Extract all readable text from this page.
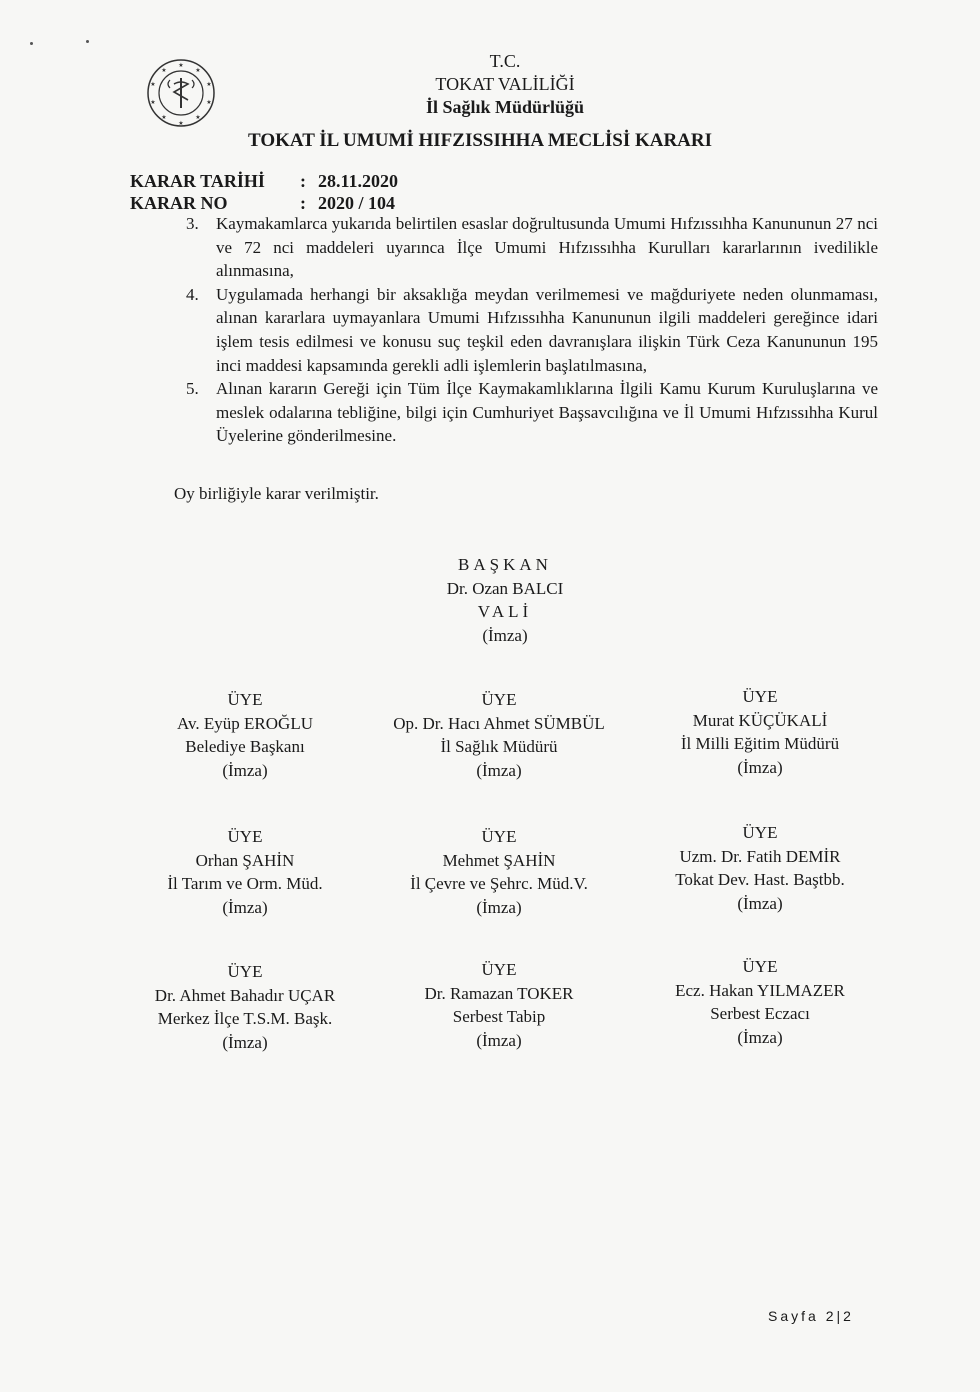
★
★
★
★
★
★
★
★
★
★	T.C.
TOKAT VALİLİĞİ
İl Sağlık Müdürlüğü
TOKAT İL UMUMİ HIFZISSIHHA MECLİSİ KARARI
KARAR TARİHİ	: 28.11.2020
KARAR NO	: 2020 / 104
3.	Kaymakamlarca yukarıda belirtilen esaslar doğrultusunda Umumi Hıfzıssıhha Kanununun 27 nci ve 72 nci maddeleri uyarınca İlçe Umumi Hıfzıssıhha Kurulları kararlarının ivedilikle alınmasına,
4.	Uygulamada herhangi bir aksaklığa meydan verilmemesi ve mağduriyete neden olunmaması, alınan kararlara uymayanlara Umumi Hıfzıssıhha Kanununun ilgili maddeleri gereğince idari işlem tesis edilmesi ve konusu suç teşkil eden davranışlara ilişkin Türk Ceza Kanununun 195 inci maddesi kapsamında gerekli adli işlemlerin başlatılmasına,
5.	Alınan kararın Gereği için Tüm İlçe Kaymakamlıklarına İlgili Kamu Kurum Kuruluşlarına ve meslek odalarına tebliğine, bilgi için Cumhuriyet Başsavcılığına ve İl Umumi Hıfzıssıhha Kurul Üyelerine gönderilmesine.
Oy birliğiyle karar verilmiştir.
BAŞKAN
Dr. Ozan BALCI
VALİ
(İmza)
ÜYE
Av. Eyüp EROĞLU
Belediye Başkanı
(İmza)
ÜYE
Op. Dr. Hacı Ahmet SÜMBÜL
İl Sağlık Müdürü
(İmza)
ÜYE
Murat KÜÇÜKALİ
İl Milli Eğitim Müdürü
(İmza)
ÜYE
Orhan ŞAHİN
İl Tarım ve Orm. Müd.
(İmza)
ÜYE
Mehmet ŞAHİN
İl Çevre ve Şehrc. Müd.V.
(İmza)
ÜYE
Uzm. Dr. Fatih DEMİR
Tokat Dev. Hast. Baştbb.
(İmza)
ÜYE
Dr. Ahmet Bahadır UÇAR
Merkez İlçe T.S.M. Başk.
(İmza)
ÜYE
Dr. Ramazan TOKER
Serbest Tabip
(İmza)
ÜYE
Ecz. Hakan YILMAZER
Serbest Eczacı
(İmza)
Sayfa 2|2
